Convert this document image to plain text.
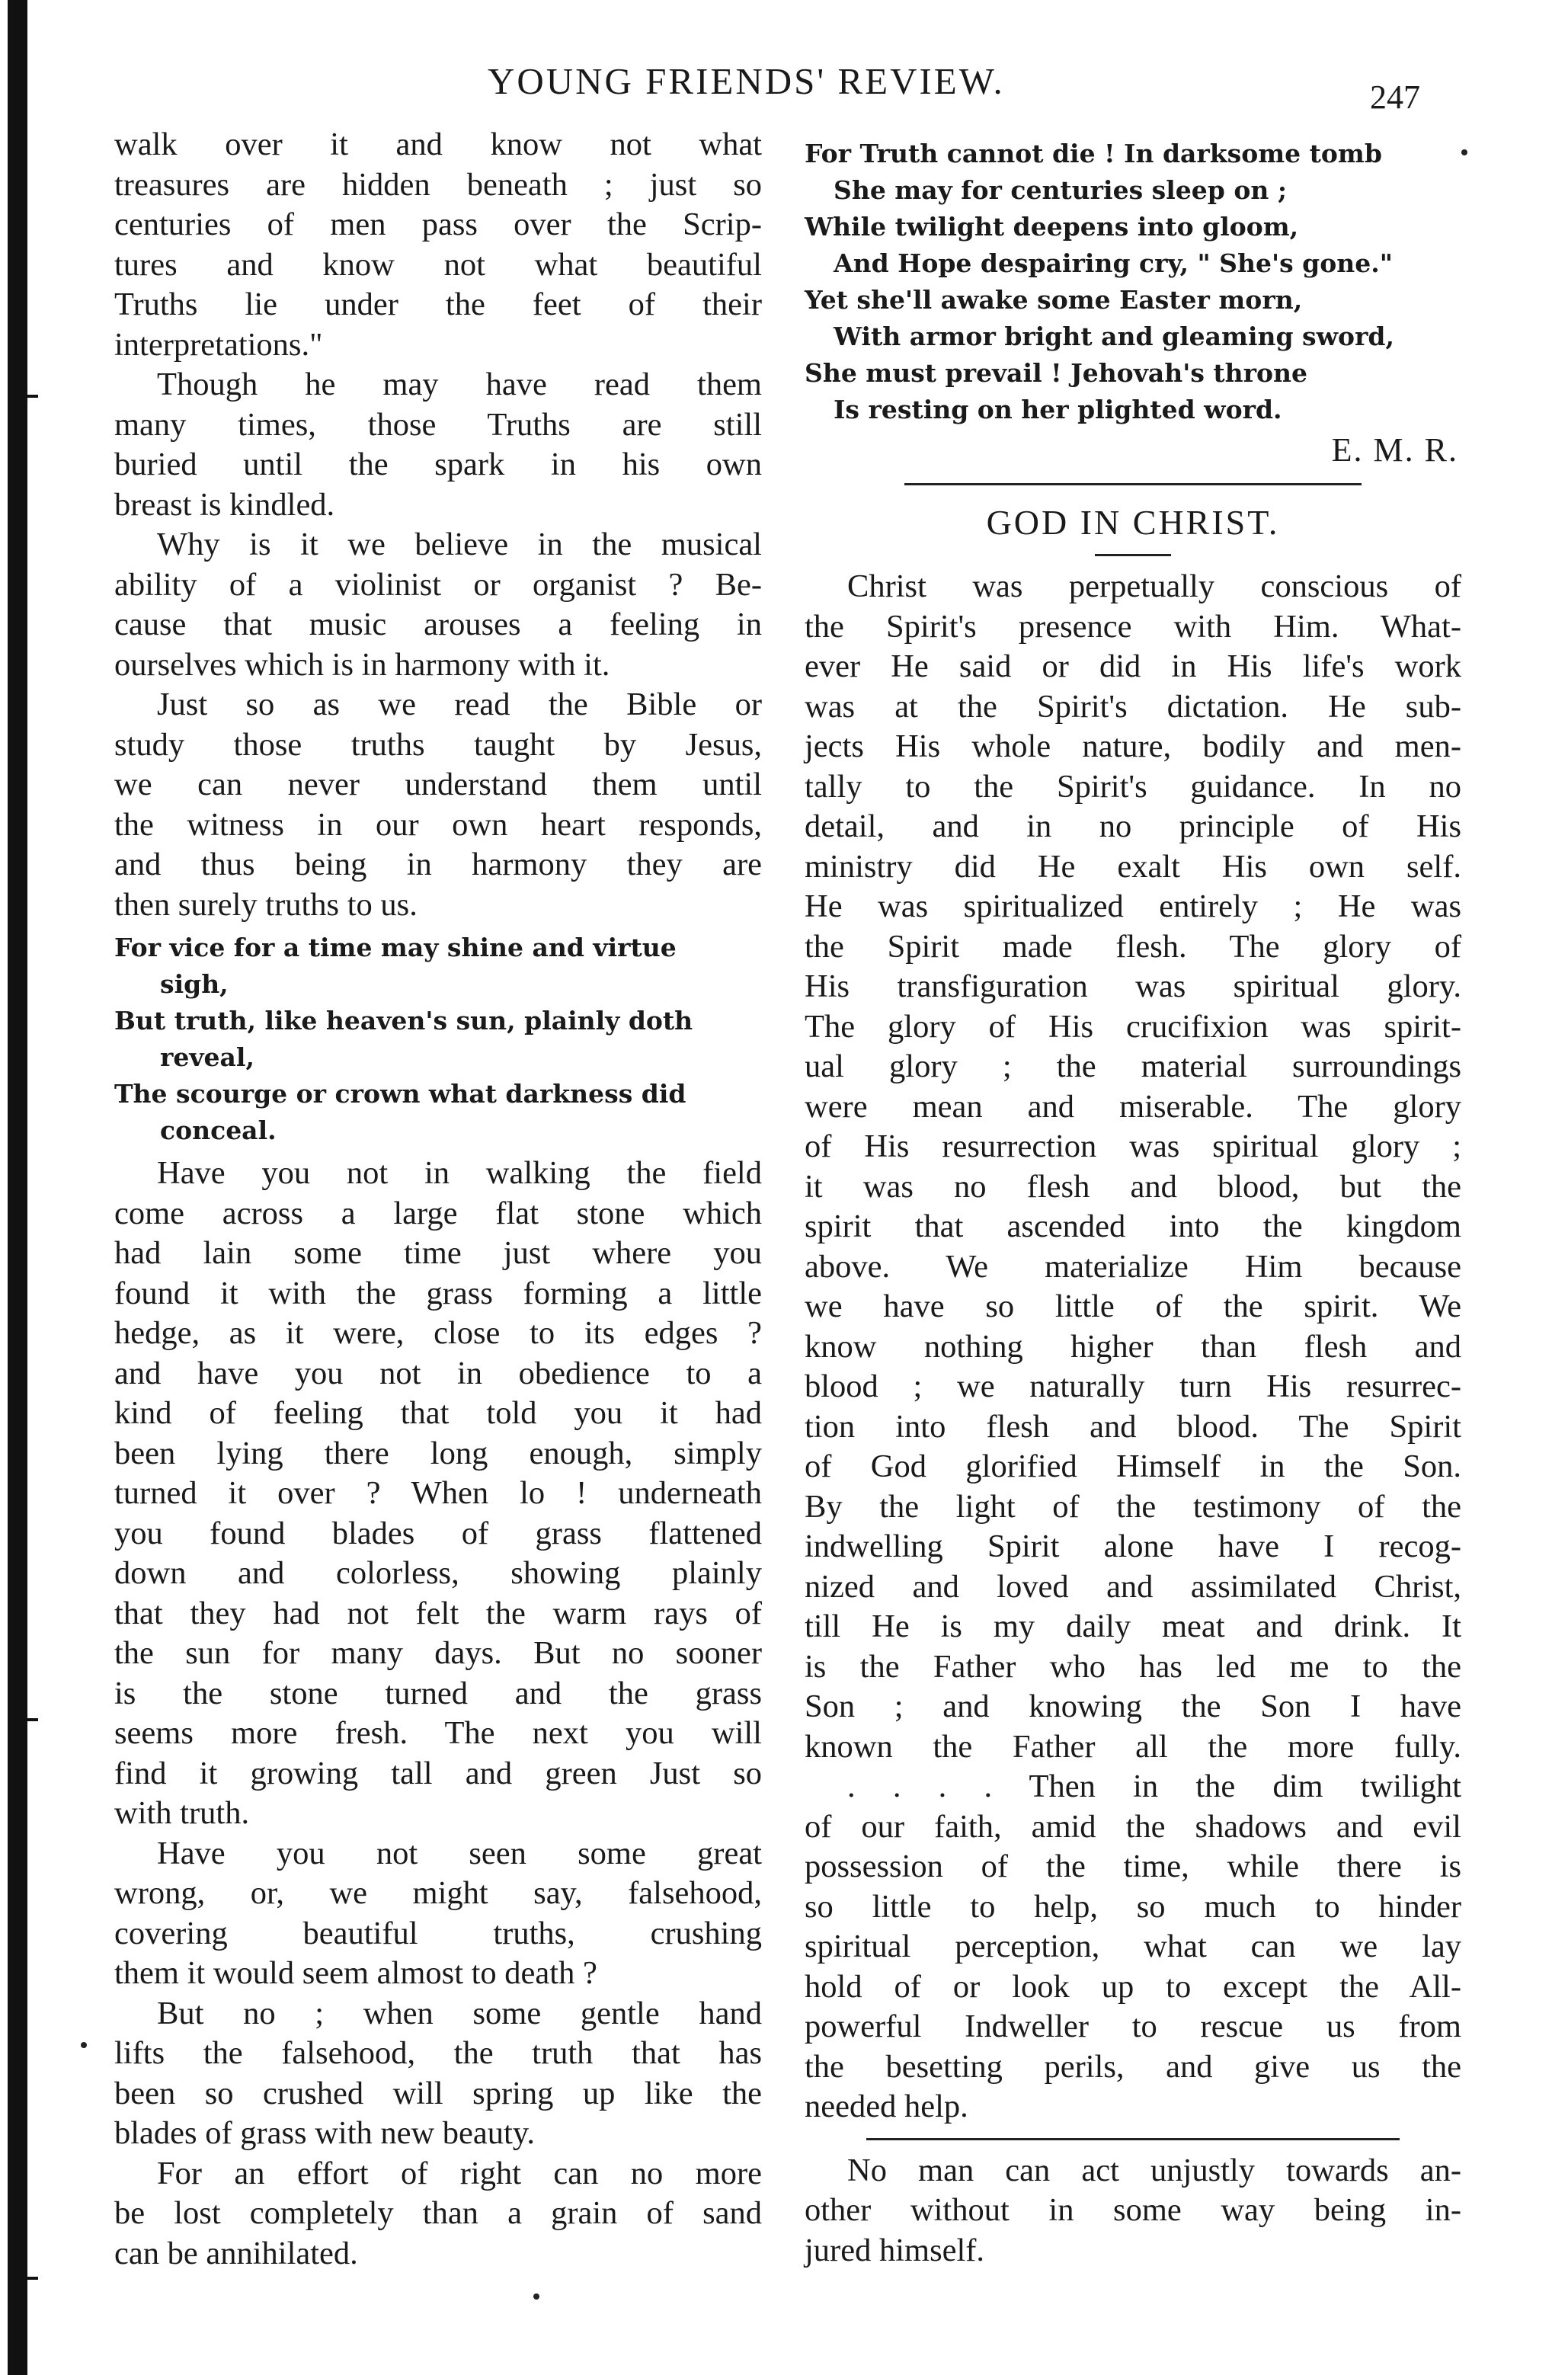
YOUNG FRIENDS' REVIEW.	247
walk over it and know not what
treasures are hidden beneath ; just so
centuries of men pass over the Scrip-
tures and know not what beautiful
Truths lie under the feet of their
interpretations."
Though he may have read them
many times, those Truths are still
buried until the spark in his own
breast is kindled.
Why is it we believe in the musical
ability of a violinist or organist ? Be-
cause that music arouses a feeling in
ourselves which is in harmony with it.
Just so as we read the Bible or
study those truths taught by Jesus,
we can never understand them until
the witness in our own heart responds,
and thus being in harmony they are
then surely truths to us.
For vice for a time may shine and virtue
sigh,
But truth, like heaven's sun, plainly doth
reveal,
The scourge or crown what darkness did
conceal.
Have you not in walking the field
come across a large flat stone which
had lain some time just where you
found it with the grass forming a little
hedge, as it were, close to its edges ?
and have you not in obedience to a
kind of feeling that told you it had
been lying there long enough, simply
turned it over ? When lo ! underneath
you found blades of grass flattened
down and colorless, showing plainly
that they had not felt the warm rays of
the sun for many days. But no sooner
is the stone turned and the grass
seems more fresh. The next you will
find it growing tall and green Just so
with truth.
Have you not seen some great
wrong, or, we might say, falsehood,
covering beautiful truths, crushing
them it would seem almost to death ?
But no ; when some gentle hand
lifts the falsehood, the truth that has
been so crushed will spring up like the
blades of grass with new beauty.
For an effort of right can no more
be lost completely than a grain of sand
can be annihilated.
For Truth cannot die ! In darksome tomb
She may for centuries sleep on ;
While twilight deepens into gloom,
And Hope despairing cry, " She's gone."
Yet she'll awake some Easter morn,
With armor bright and gleaming sword,
She must prevail ! Jehovah's throne
Is resting on her plighted word.
E. M. R.
GOD IN CHRIST.
Christ was perpetually conscious of
the Spirit's presence with Him. What-
ever He said or did in His life's work
was at the Spirit's dictation. He sub-
jects His whole nature, bodily and men-
tally to the Spirit's guidance. In no
detail, and in no principle of His
ministry did He exalt His own self.
He was spiritualized entirely ; He was
the Spirit made flesh. The glory of
His transfiguration was spiritual glory.
The glory of His crucifixion was spirit-
ual glory ; the material surroundings
were mean and miserable. The glory
of His resurrection was spiritual glory ;
it was no flesh and blood, but the
spirit that ascended into the kingdom
above. We materialize Him because
we have so little of the spirit. We
know nothing higher than flesh and
blood ; we naturally turn His resurrec-
tion into flesh and blood. The Spirit
of God glorified Himself in the Son.
By the light of the testimony of the
indwelling Spirit alone have I recog-
nized and loved and assimilated Christ,
till He is my daily meat and drink. It
is the Father who has led me to the
Son ; and knowing the Son I have
known the Father all the more fully.
. . . . Then in the dim twilight
of our faith, amid the shadows and evil
possession of the time, while there is
so little to help, so much to hinder
spiritual perception, what can we lay
hold of or look up to except the All-
powerful Indweller to rescue us from
the besetting perils, and give us the
needed help.
No man can act unjustly towards an-
other without in some way being in-
jured himself.
